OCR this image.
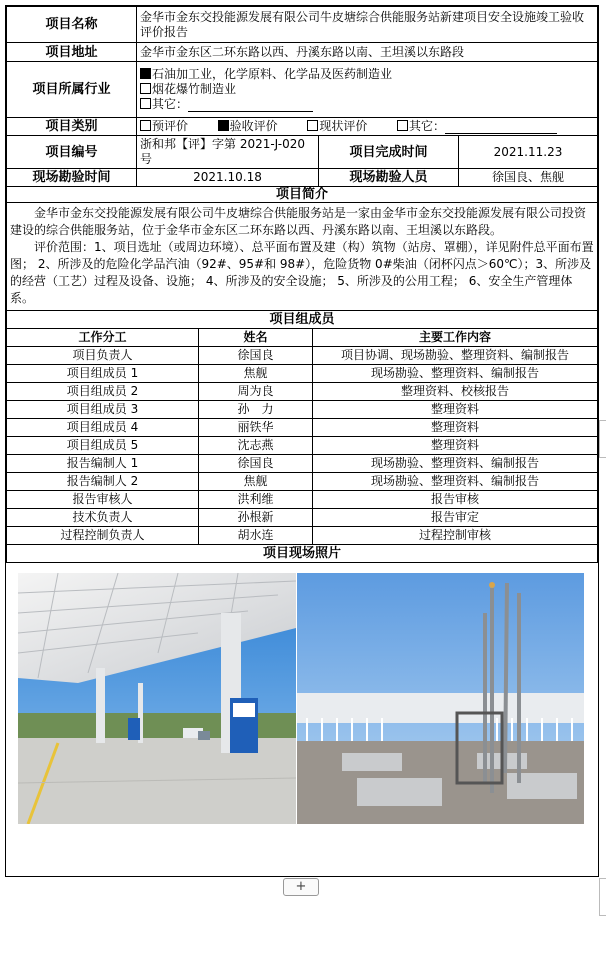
项目名称	金华市金东交投能源发展有限公司牛皮塘综合供能服务站新建项目安全设施竣工验收评价报告		
项目地址	金华市金东区二环东路以西、丹溪东路以南、王坦溪以东路段		
项目所属行业	石油加工业，化学原料、化学品及医药制造业
烟花爆竹制造业
其它：		

项目类别	预评价 验收评价 现状评价 其它：		
项目编号	浙和邦【评】字第 2021-J-020 号	项目完成时间	2021.11.23
现场勘验时间	2021.10.18	现场勘验人员	徐国良、焦舰
项目简介			

金华市金东交投能源发展有限公司牛皮塘综合供能服务站是一家由金华市金东交投能源发展有限公司投资建设的综合供能服务站，位于金华市金东区二环东路以西、丹溪东路以南、王坦溪以东路段。

评价范围：1、项目选址（或周边环境）、总平面布置及建（构）筑物（站房、罩棚），详见附件总平面布置图； 2、所涉及的危险化学品汽油（92#、95#和 98#），危险货物 0#柴油（闭杯闪点＞60℃）；3、所涉及的经营（工艺）过程及设备、设施； 4、所涉及的安全设施； 5、所涉及的公用工程； 6、安全生产管理体系。			

项目组成员		
工作分工	姓名	主要工作内容
项目负责人	徐国良	项目协调、现场勘验、整理资料、编制报告
项目组成员 1	焦舰	现场勘验、整理资料、编制报告
项目组成员 2	周为良	整理资料、校核报告
项目组成员 3	孙　力	整理资料
项目组成员 4	丽铁华	整理资料
项目组成员 5	沈志燕	整理资料
报告编制人 1	徐国良	现场勘验、整理资料、编制报告
报告编制人 2	焦舰	现场勘验、整理资料、编制报告
报告审核人	洪利维	报告审核
技术负责人	孙根新	报告审定
过程控制负责人	胡水连	过程控制审核
项目现场照片		
+
